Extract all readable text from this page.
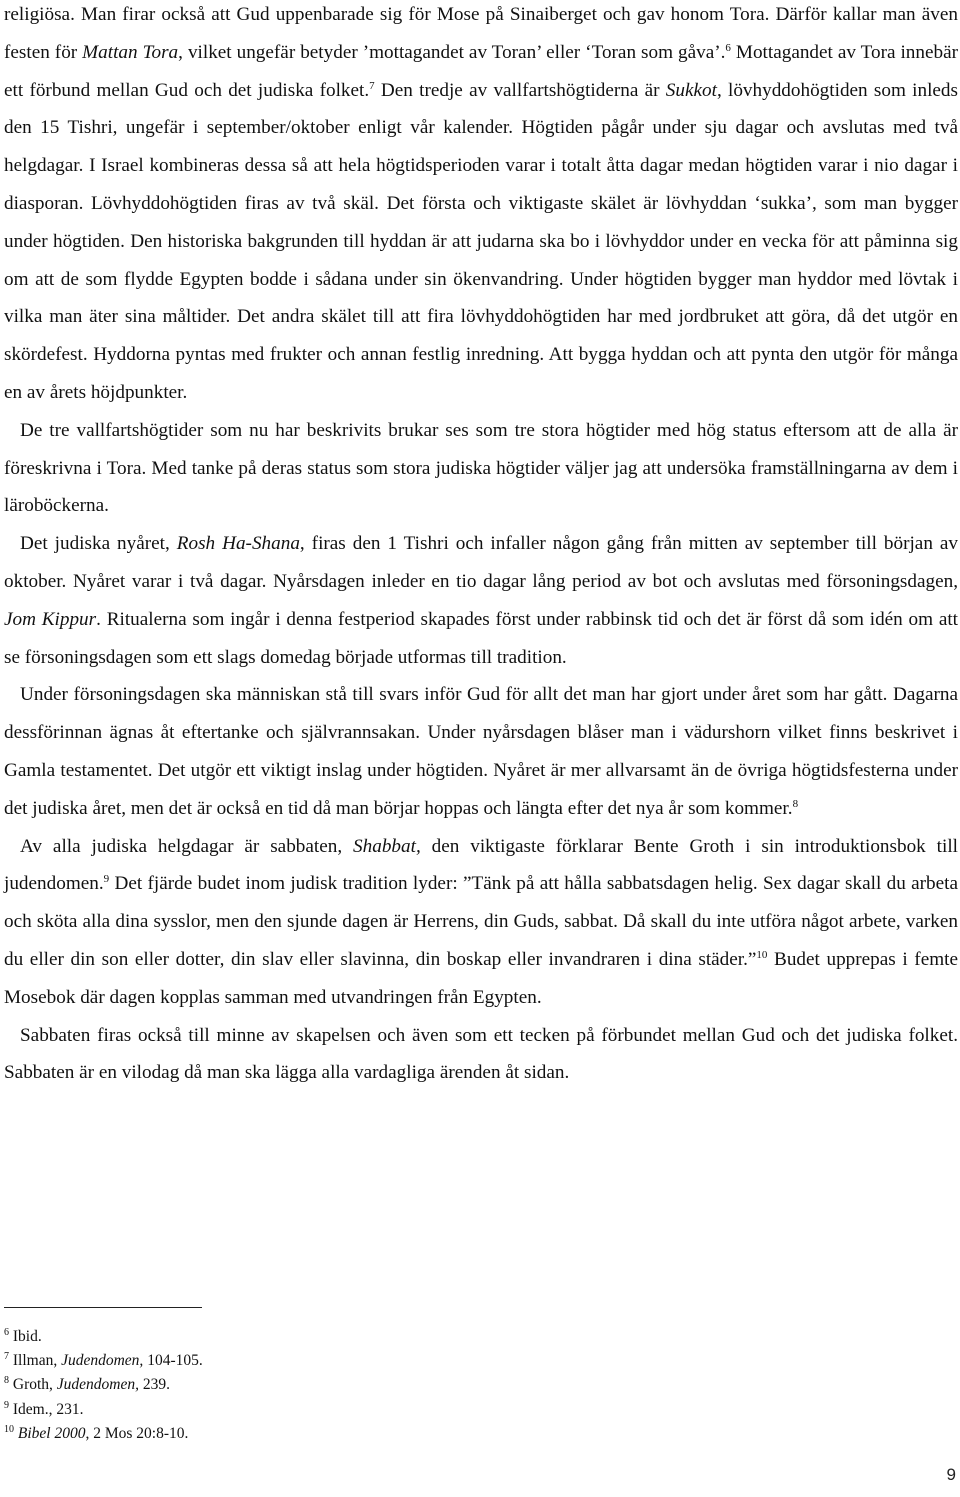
religiösa. Man firar också att Gud uppenbarade sig för Mose på Sinaiberget och gav honom Tora. Därför kallar man även festen för Mattan Tora, vilket ungefär betyder ’mottagandet av Toran’ eller ‘Toran som gåva’.$^6$ Mottagandet av Tora innebär ett förbund mellan Gud och det judiska folket.$^7$ Den tredje av vallfartshögtiderna är Sukkot, lövhyddohögtiden som inleds den 15 Tishri, ungefär i september/oktober enligt vår kalender. Högtiden pågår under sju dagar och avslutas med två helgdagar. I Israel kombineras dessa så att hela högtidsperioden varar i totalt åtta dagar medan högtiden varar i nio dagar i diasporan. Lövhyddohögtiden firas av två skäl. Det första och viktigaste skälet är lövhyddan ‘sukka’, som man bygger under högtiden. Den historiska bakgrunden till hyddan är att judarna ska bo i lövhyddor under en vecka för att påminna sig om att de som flydde Egypten bodde i sådana under sin ökenvandring. Under högtiden bygger man hyddor med lövtak i vilka man äter sina måltider. Det andra skälet till att fira lövhyddohögtiden har med jordbruket att göra, då det utgör en skördefest. Hyddorna pyntas med frukter och annan festlig inredning. Att bygga hyddan och att pynta den utgör för många en av årets höjdpunkter.

De tre vallfartshögtider som nu har beskrivits brukar ses som tre stora högtider med hög status eftersom att de alla är föreskrivna i Tora. Med tanke på deras status som stora judiska högtider väljer jag att undersöka framställningarna av dem i läroböckerna.

Det judiska nyåret, Rosh Ha-Shana, firas den 1 Tishri och infaller någon gång från mitten av september till början av oktober. Nyåret varar i två dagar. Nyårsdagen inleder en tio dagar lång period av bot och avslutas med försoningsdagen, Jom Kippur. Ritualerna som ingår i denna festperiod skapades först under rabbinsk tid och det är först då som idén om att se försoningsdagen som ett slags domedag började utformas till tradition.

Under försoningsdagen ska människan stå till svars inför Gud för allt det man har gjort under året som har gått. Dagarna dessförinnan ägnas åt eftertanke och självrannsakan. Under nyårsdagen blåser man i vädurshorn vilket finns beskrivet i Gamla testamentet. Det utgör ett viktigt inslag under högtiden. Nyåret är mer allvarsamt än de övriga högtidsfesterna under det judiska året, men det är också en tid då man börjar hoppas och längta efter det nya år som kommer.$^8$

Av alla judiska helgdagar är sabbaten, Shabbat, den viktigaste förklarar Bente Groth i sin introduktionsbok till judendomen.$^9$ Det fjärde budet inom judisk tradition lyder: ”Tänk på att hålla sabbatsdagen helig. Sex dagar skall du arbeta och sköta alla dina sysslor, men den sjunde dagen är Herrens, din Guds, sabbat. Då skall du inte utföra något arbete, varken du eller din son eller dotter, din slav eller slavinna, din boskap eller invandraren i dina städer.”$^{10}$ Budet upprepas i femte Mosebok där dagen kopplas samman med utvandringen från Egypten.

Sabbaten firas också till minne av skapelsen och även som ett tecken på förbundet mellan Gud och det judiska folket. Sabbaten är en vilodag då man ska lägga alla vardagliga ärenden åt sidan.

$^6$ Ibid.

$^7$ Illman, Judendomen, 104-105.

$^8$ Groth, Judendomen, 239.

$^9$ Idem., 231.

$^{10}$ Bibel 2000, 2 Mos 20:8-10.

9
